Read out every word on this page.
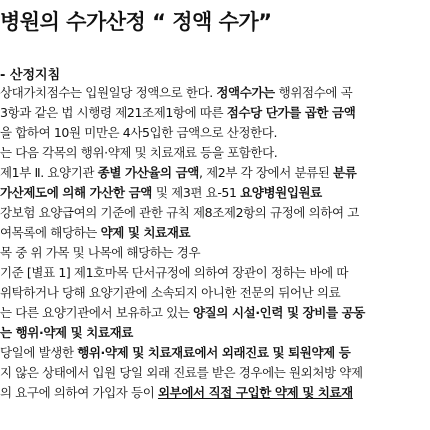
병원의 수가산정 “ 정액 수가”
- 산정지침
상대가치점수는 입원일당 정액으로 한다. 정액수가는 행위점수에 곡
3항과 같은 법 시행령 제21조제1항에 따른 점수당 단가를 곱한 금액
을 합하여 10원 미만은 4사5입한 금액으로 산정한다.
는 다음 각목의 행위·약제 및 치료재료 등을 포함한다.
제1부 Ⅱ. 요양기관 종별 가산율의 금액, 제2부 각 장에서 분류된 분류
가산제도에 의해 가산한 금액 및 제3편 요-51 요양병원입원료
강보험 요양급여의 기준에 관한 규칙 제8조제2항의 규정에 의하여 고
여목록에 해당하는 약제 및 치료재료
목 중 위 가목 및 나목에 해당하는 경우
기준 [별표 1] 제1호마목 단서규정에 의하여 장관이 정하는 바에 따
위탁하거나 당해 요양기관에 소속되지 아니한 전문의 뒤어난 의료
는 다른 요양기관에서 보유하고 있는 양질의 시설·인력 및 장비를 공동
는 행위·약제 및 치료재료
당일에 발생한 행위·약제 및 치료재료에서 외래진료 및 퇴원약제 등
지 않은 상태에서 입원 당일 외래 진료를 받은 경우에는 원외처방 약제
의 요구에 의하여 가입자 등이 외부에서 직접 구입한 약제 및 치료재
